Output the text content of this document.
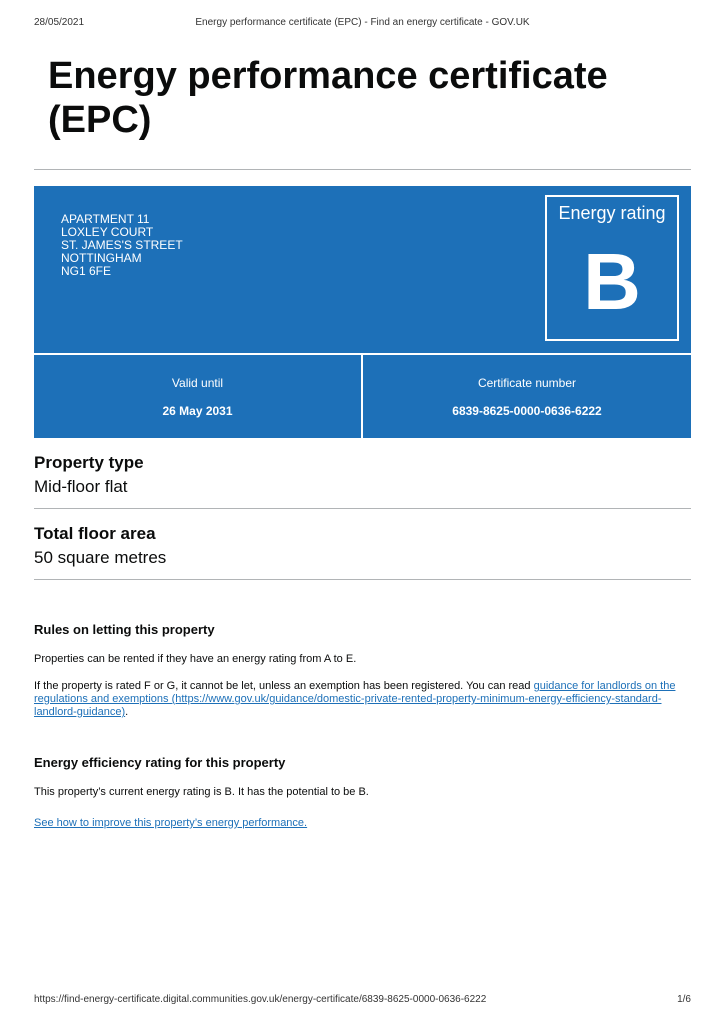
28/05/2021	Energy performance certificate (EPC) - Find an energy certificate - GOV.UK
Energy performance certificate (EPC)
APARTMENT 11
LOXLEY COURT
ST. JAMES'S STREET
NOTTINGHAM
NG1 6FE
Energy rating
B
Valid until
26 May 2031
Certificate number
6839-8625-0000-0636-6222
Property type

Mid-floor flat

Total floor area

50 square metres

Rules on letting this property

Properties can be rented if they have an energy rating from A to E.

If the property is rated F or G, it cannot be let, unless an exemption has been registered. You can read guidance for landlords on the regulations and exemptions (https://www.gov.uk/guidance/domestic-private-rented-property-minimum-energy-efficiency-standard-landlord-guidance).

Energy efficiency rating for this property

This property’s current energy rating is B. It has the potential to be B.

See how to improve this property’s energy performance.

https://find-energy-certificate.digital.communities.gov.uk/energy-certificate/6839-8625-0000-0636-6222	1/6
